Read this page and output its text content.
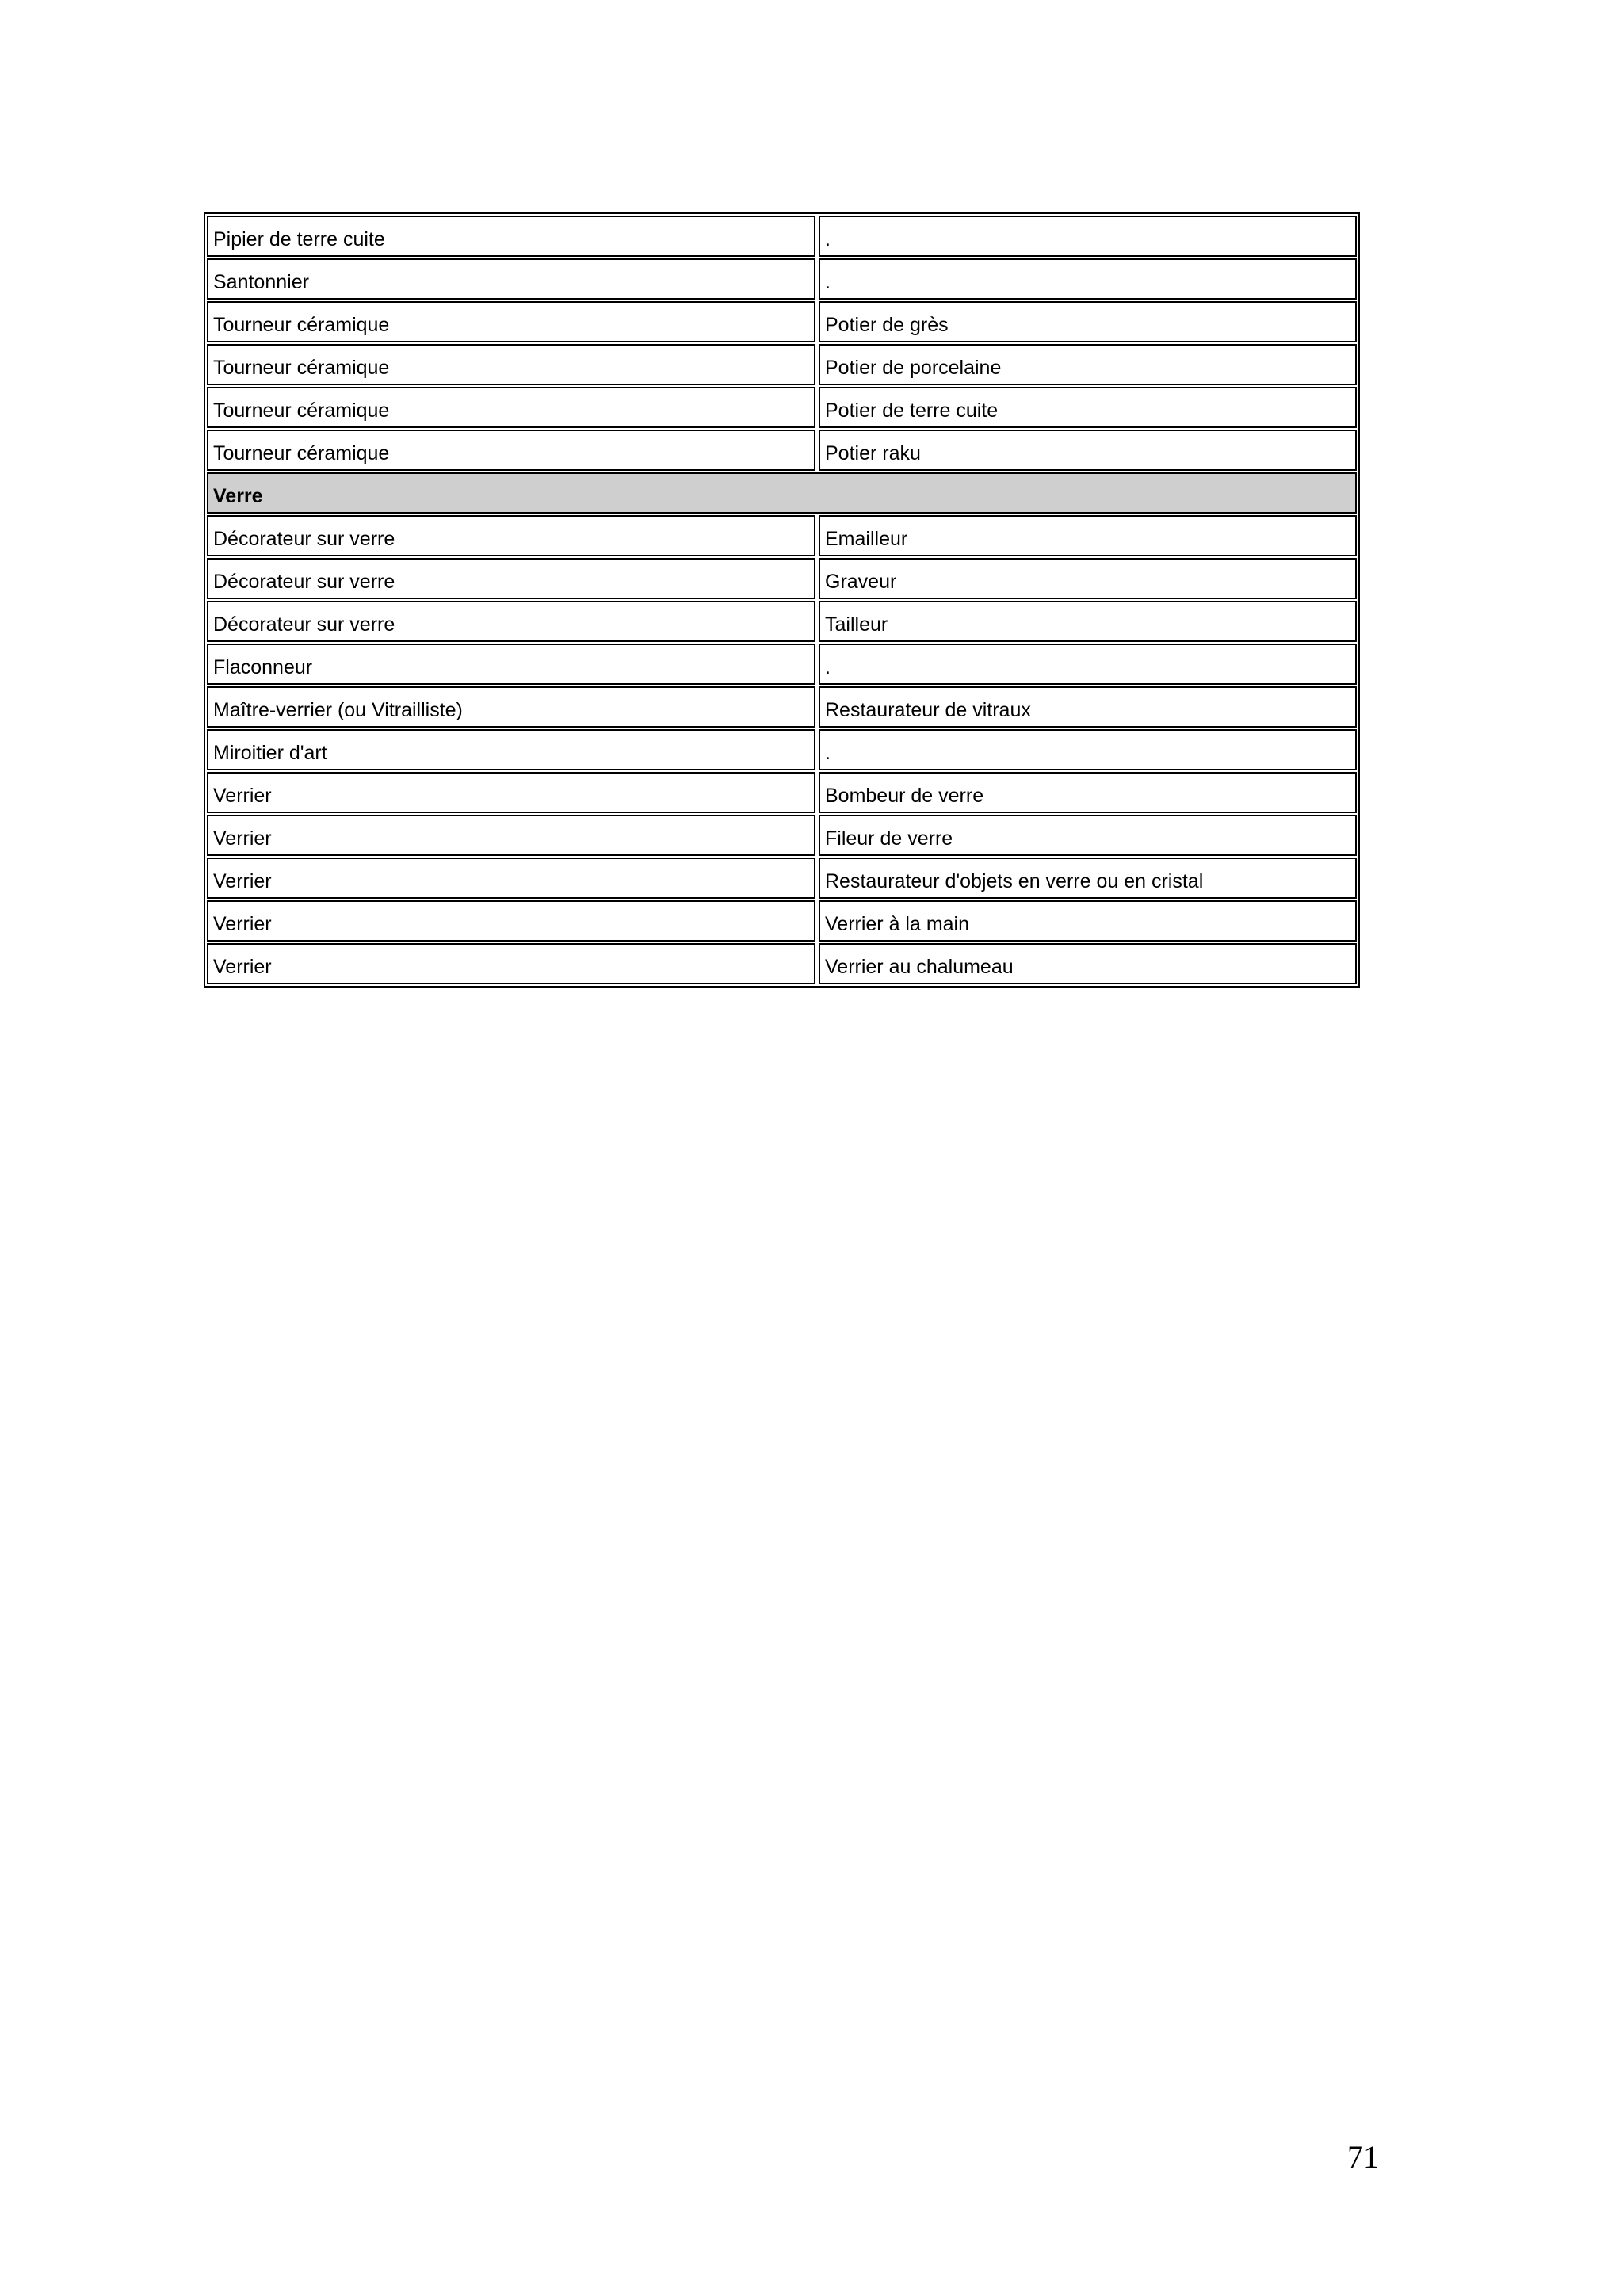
Pipier de terre cuite	.
Santonnier	.
Tourneur céramique	Potier de grès
Tourneur céramique	Potier de porcelaine
Tourneur céramique	Potier de terre cuite
Tourneur céramique	Potier raku
Verre
Décorateur sur verre	Emailleur
Décorateur sur verre	Graveur
Décorateur sur verre	Tailleur
Flaconneur	.
Maître-verrier (ou Vitrailliste)	Restaurateur de vitraux
Miroitier d'art	.
Verrier	Bombeur de verre
Verrier	Fileur de verre
Verrier	Restaurateur d'objets en verre ou en cristal
Verrier	Verrier à la main
Verrier	Verrier au chalumeau
71
